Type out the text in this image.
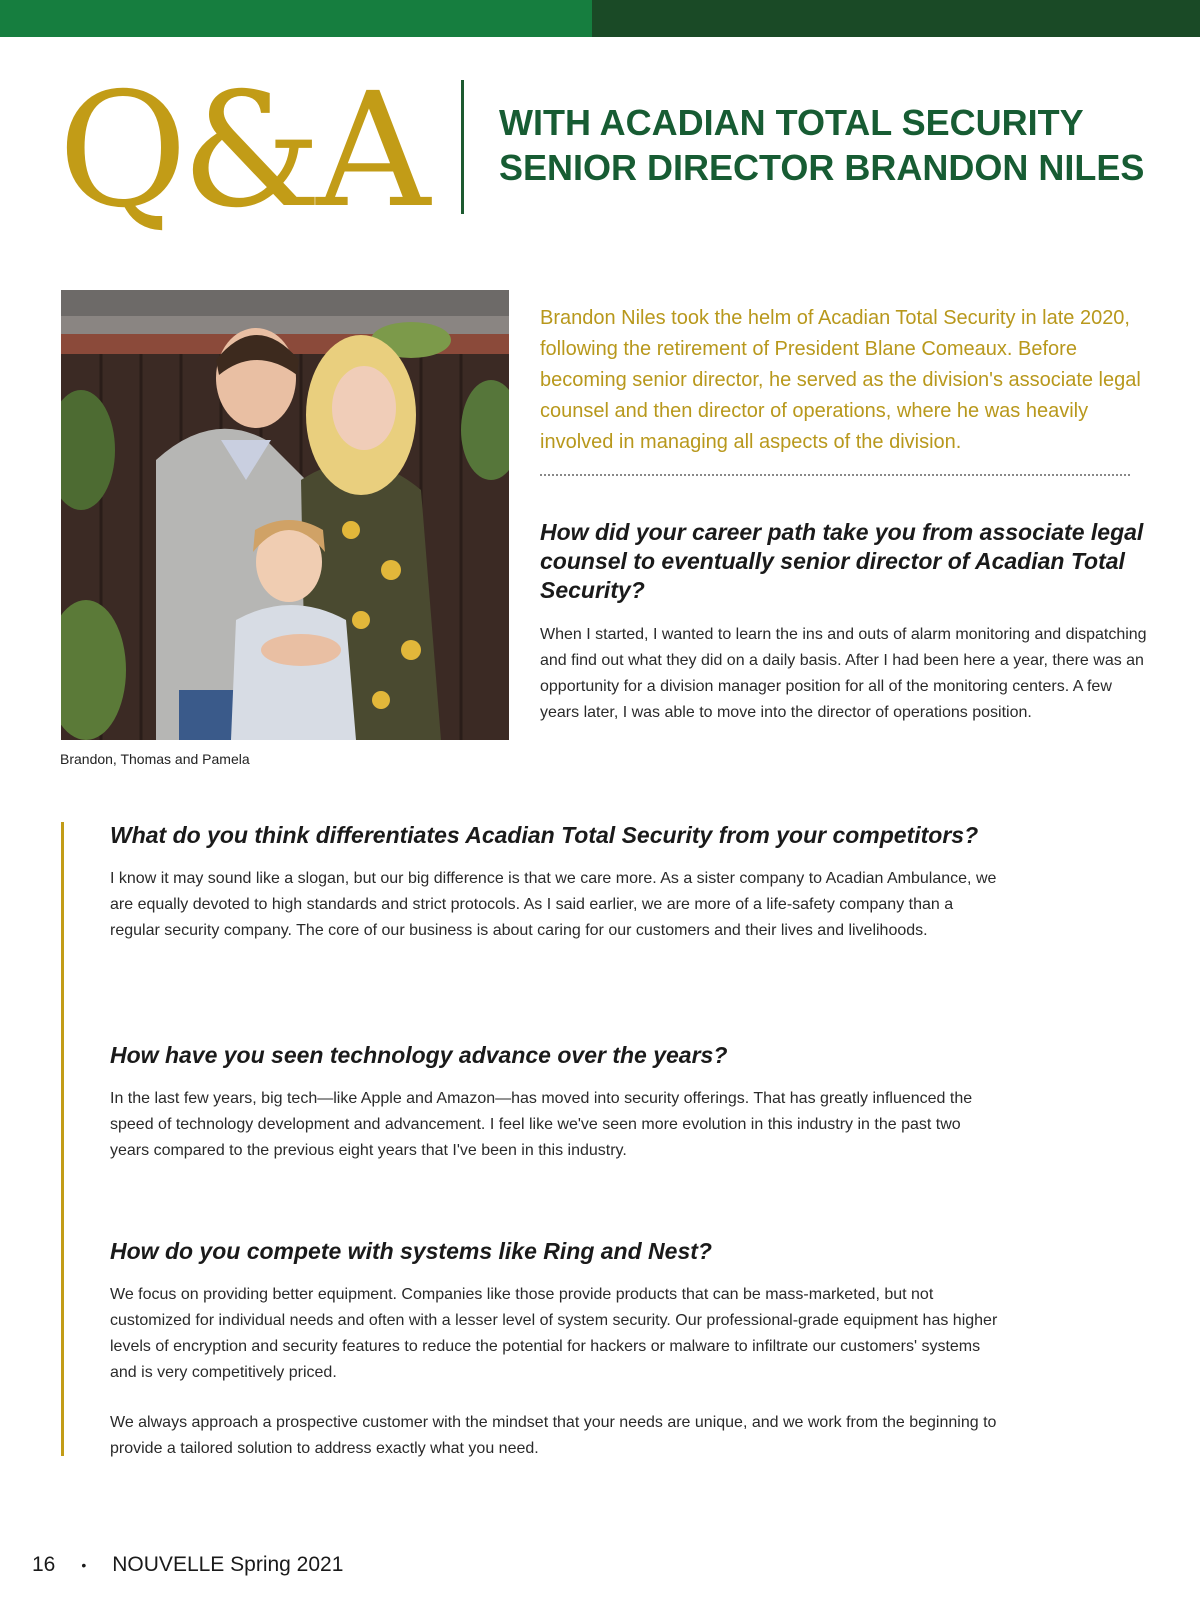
Q&A	WITH ACADIAN TOTAL SECURITY
SENIOR DIRECTOR BRANDON NILES
Brandon, Thomas and Pamela

Brandon Niles took the helm of Acadian Total Security in late 2020, following the retirement of President Blane Comeaux. Before becoming senior director, he served as the division's associate legal counsel and then director of operations, where he was heavily involved in managing all aspects of the division.

How did your career path take you from associate legal counsel to eventually senior director of Acadian Total Security?

When I started, I wanted to learn the ins and outs of alarm monitoring and dispatching and find out what they did on a daily basis. After I had been here a year, there was an opportunity for a division manager position for all of the monitoring centers. A few years later, I was able to move into the director of operations position.

What do you think differentiates Acadian Total Security from your competitors?

I know it may sound like a slogan, but our big difference is that we care more. As a sister company to Acadian Ambulance, we are equally devoted to high standards and strict protocols. As I said earlier, we are more of a life-safety company than a regular security company. The core of our business is about caring for our customers and their lives and livelihoods.

How have you seen technology advance over the years?

In the last few years, big tech—like Apple and Amazon—has moved into security offerings. That has greatly influenced the speed of technology development and advancement. I feel like we've seen more evolution in this industry in the past two years compared to the previous eight years that I've been in this industry.

How do you compete with systems like Ring and Nest?

We focus on providing better equipment. Companies like those provide products that can be mass-marketed, but not customized for individual needs and often with a lesser level of system security. Our professional-grade equipment has higher levels of encryption and security features to reduce the potential for hackers or malware to infiltrate our customers' systems and is very competitively priced.

We always approach a prospective customer with the mindset that your needs are unique, and we work from the beginning to provide a tailored solution to address exactly what you need.

16 • NOUVELLE Spring 2021
